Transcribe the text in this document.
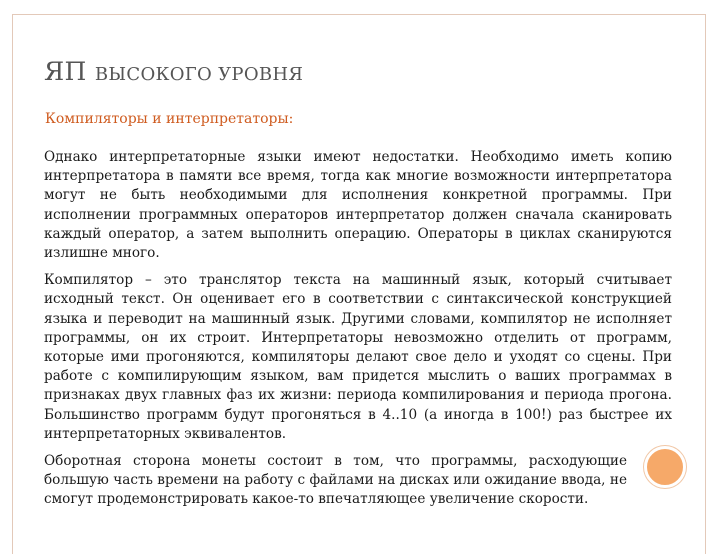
ЯП ВЫСОКОГО УРОВНЯ

Компиляторы и интерпретаторы:

Однако интерпретаторные языки имеют недостатки. Необходимо иметь копию интерпретатора в памяти все время, тогда как многие возможности интерпретатора могут не быть необходимыми для исполнения конкретной программы. При исполнении программных операторов интерпретатор должен сначала сканировать каждый оператор, а затем выполнить операцию. Операторы в циклах сканируются излишне много.

Компилятор – это транслятор текста на машинный язык, который считывает исходный текст. Он оценивает его в соответствии с синтаксической конструкцией языка и переводит на машинный язык. Другими словами, компилятор не исполняет программы, он их строит. Интерпретаторы невозможно отделить от программ, которые ими прогоняются, компиляторы делают свое дело и уходят со сцены. При работе с компилирующим языком, вам придется мыслить о ваших программах в признаках двух главных фаз их жизни: периода компилирования и периода прогона. Большинство программ будут прогоняться в 4..10 (а иногда в 100!) раз быстрее их интерпретаторных эквивалентов.

Оборотная сторона монеты состоит в том, что программы, расходующие большую часть времени на работу с файлами на дисках или ожидание ввода, не смогут продемонстрировать какое-то впечатляющее увеличение скорости.
